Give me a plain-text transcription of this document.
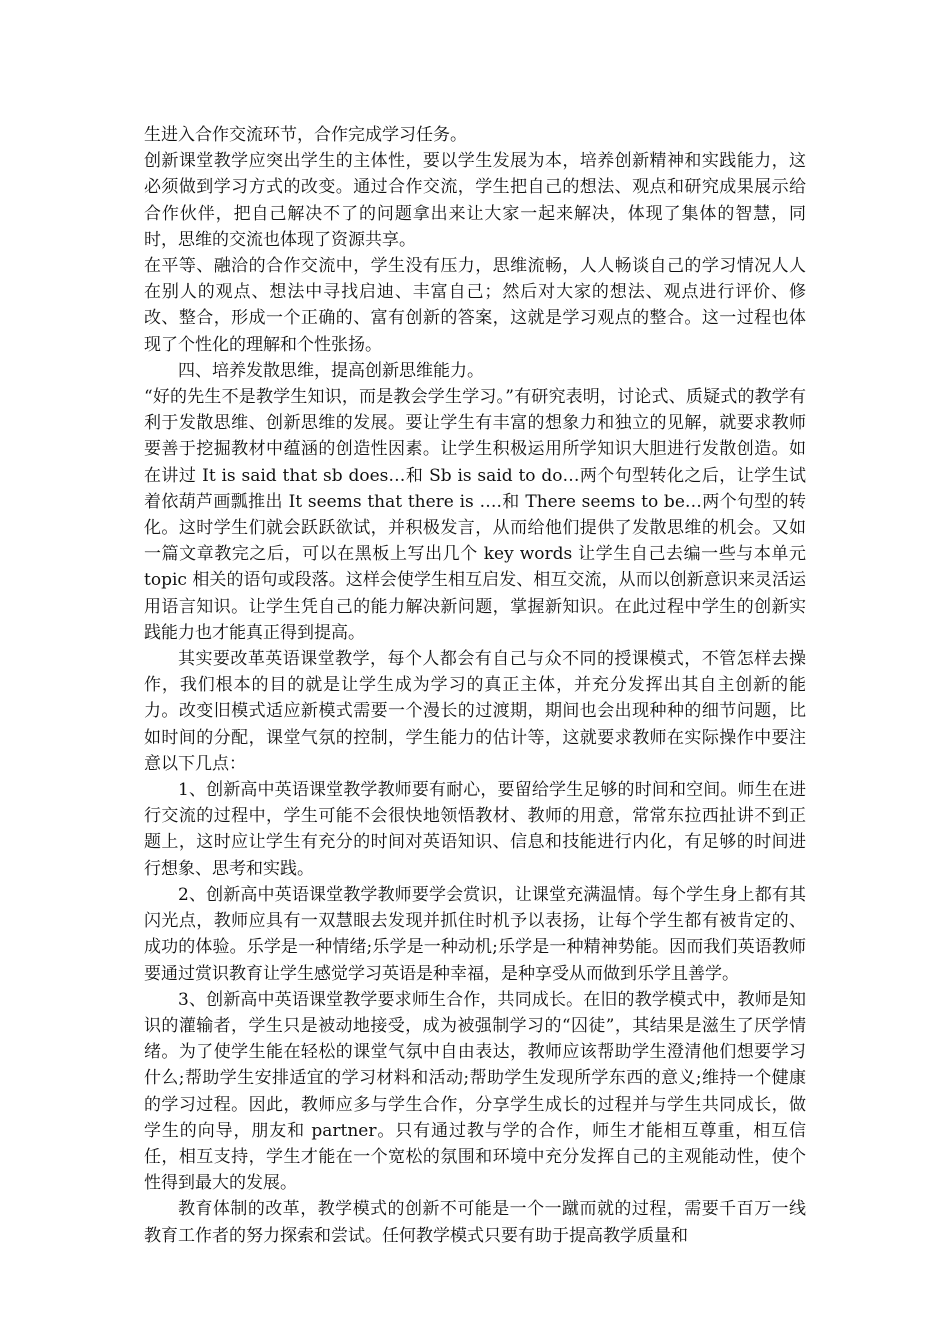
生进入合作交流环节，合作完成学习任务。

创新课堂教学应突出学生的主体性，要以学生发展为本，培养创新精神和实践能力，这必须做到学习方式的改变。通过合作交流，学生把自己的想法、观点和研究成果展示给合作伙伴，把自己解决不了的问题拿出来让大家一起来解决，体现了集体的智慧，同时，思维的交流也体现了资源共享。

在平等、融洽的合作交流中，学生没有压力，思维流畅，人人畅谈自己的学习情况人人在别人的观点、想法中寻找启迪、丰富自己；然后对大家的想法、观点进行评价、修改、整合，形成一个正确的、富有创新的答案，这就是学习观点的整合。这一过程也体现了个性化的理解和个性张扬。

四、培养发散思维，提高创新思维能力。

“好的先生不是教学生知识，而是教会学生学习。”有研究表明，讨论式、质疑式的教学有利于发散思维、创新思维的发展。要让学生有丰富的想象力和独立的见解，就要求教师要善于挖掘教材中蕴涵的创造性因素。让学生积极运用所学知识大胆进行发散创造。如在讲过 It is said that sb does…和 Sb is said to do…两个句型转化之后，让学生试着依葫芦画瓢推出 It seems that there is ….和 There seems to be…两个句型的转化。这时学生们就会跃跃欲试，并积极发言，从而给他们提供了发散思维的机会。又如一篇文章教完之后，可以在黑板上写出几个 key words 让学生自己去编一些与本单元 topic 相关的语句或段落。这样会使学生相互启发、相互交流，从而以创新意识来灵活运用语言知识。让学生凭自己的能力解决新问题，掌握新知识。在此过程中学生的创新实践能力也才能真正得到提高。

其实要改革英语课堂教学，每个人都会有自己与众不同的授课模式，不管怎样去操作，我们根本的目的就是让学生成为学习的真正主体，并充分发挥出其自主创新的能力。改变旧模式适应新模式需要一个漫长的过渡期，期间也会出现种种的细节问题，比如时间的分配，课堂气氛的控制，学生能力的估计等，这就要求教师在实际操作中要注意以下几点：

1、创新高中英语课堂教学教师要有耐心，要留给学生足够的时间和空间。师生在进行交流的过程中，学生可能不会很快地领悟教材、教师的用意，常常东拉西扯讲不到正题上，这时应让学生有充分的时间对英语知识、信息和技能进行内化，有足够的时间进行想象、思考和实践。

2、创新高中英语课堂教学教师要学会赏识，让课堂充满温情。每个学生身上都有其闪光点，教师应具有一双慧眼去发现并抓住时机予以表扬，让每个学生都有被肯定的、成功的体验。乐学是一种情绪;乐学是一种动机;乐学是一种精神势能。因而我们英语教师要通过赏识教育让学生感觉学习英语是种幸福，是种享受从而做到乐学且善学。

3、创新高中英语课堂教学要求师生合作，共同成长。在旧的教学模式中，教师是知识的灌输者，学生只是被动地接受，成为被强制学习的“囚徒”，其结果是滋生了厌学情绪。为了使学生能在轻松的课堂气氛中自由表达，教师应该帮助学生澄清他们想要学习什么;帮助学生安排适宜的学习材料和活动;帮助学生发现所学东西的意义;维持一个健康的学习过程。因此，教师应多与学生合作，分享学生成长的过程并与学生共同成长，做学生的向导，朋友和 partner。只有通过教与学的合作，师生才能相互尊重，相互信任，相互支持，学生才能在一个宽松的氛围和环境中充分发挥自己的主观能动性，使个性得到最大的发展。

教育体制的改革，教学模式的创新不可能是一个一蹴而就的过程，需要千百万一线教育工作者的努力探索和尝试。任何教学模式只要有助于提高教学质量和
